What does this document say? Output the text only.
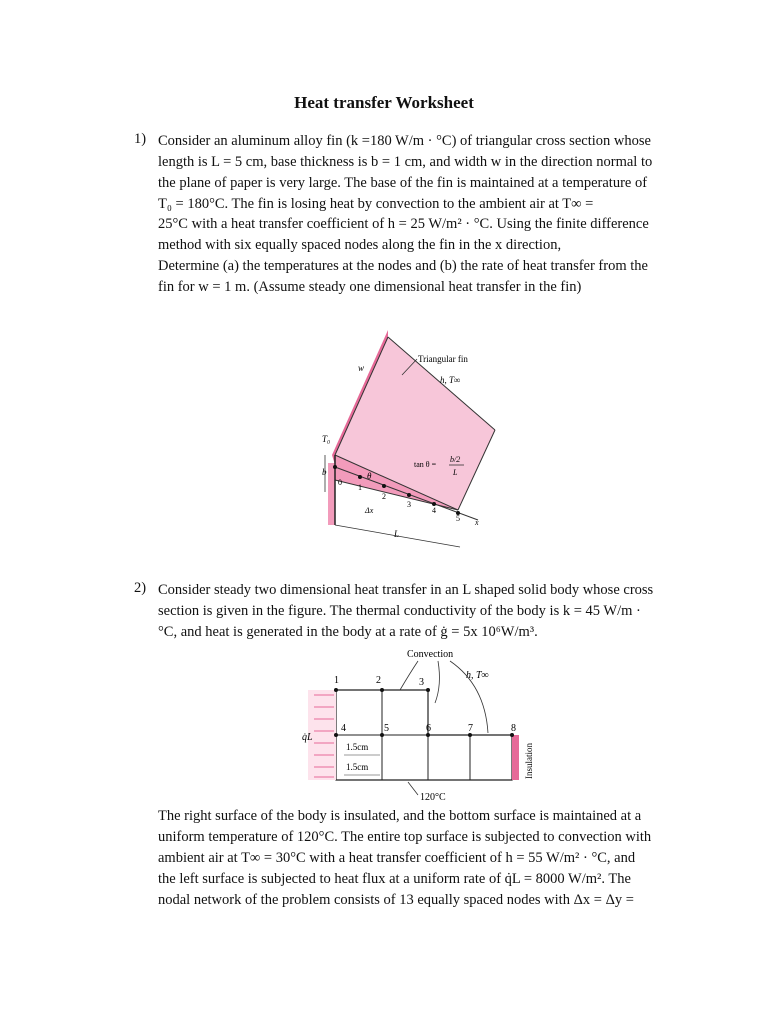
Heat transfer Worksheet
1) Consider an aluminum alloy fin (k =180 W/m · °C) of triangular cross section whose
length is L = 5 cm, base thickness is b = 1 cm, and width w in the direction normal to
the plane of paper is very large. The base of the fin is maintained at a temperature of
T₀ = 180°C. The fin is losing heat by convection to the ambient air at T∞ =
25°C with a heat transfer coefficient of h = 25 W/m² · °C. Using the finite difference
method with six equally spaced nodes along the fin in the x direction,
Determine (a) the temperatures at the nodes and (b) the rate of heat transfer from the
fin for w = 1 m. (Assume steady one dimensional heat transfer in the fin)
0
1
2
3
4
5
Triangular fin
h, T∞
w
T₀
b	θ
tan θ =
b/2
L
Δx
L
x
2) Consider steady two dimensional heat transfer in an L shaped solid body whose cross
section is given in the figure. The thermal conductivity of the body is k = 45 W/m ·
°C, and heat is generated in the body at a rate of ġ = 5x 10⁶W/m³.
1	2	3
4	5	6	7	8
Convection
h, T∞
q̇L
1.5cm
1.5cm
120°C
Insulation
The right surface of the body is insulated, and the bottom surface is maintained at a
uniform temperature of 120°C. The entire top surface is subjected to convection with
ambient air at T∞ = 30°C with a heat transfer coefficient of h = 55 W/m² · °C, and
the left surface is subjected to heat flux at a uniform rate of q̇L = 8000 W/m². The
nodal network of the problem consists of 13 equally spaced nodes with Δx = Δy =
